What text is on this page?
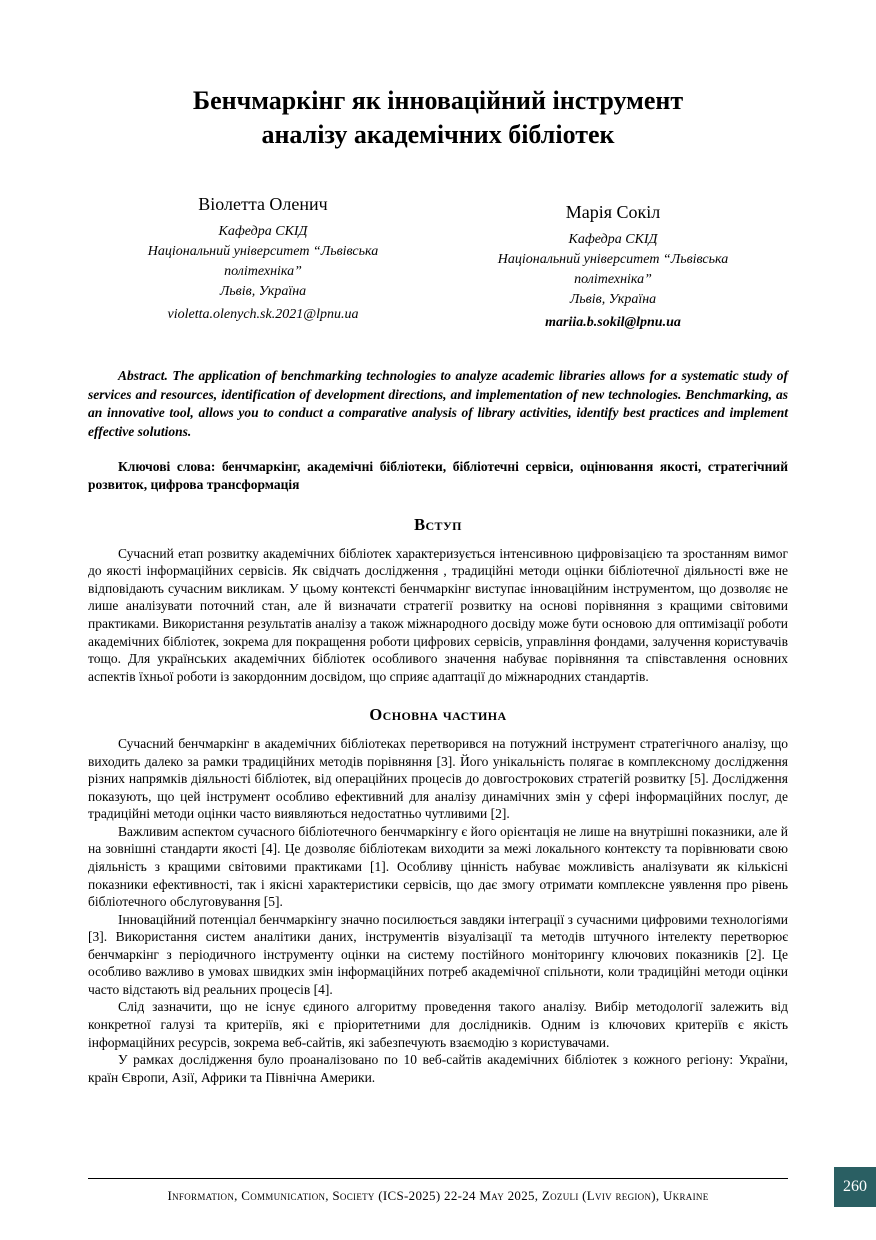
Бенчмаркінг як інноваційний інструмент
аналізу академічних бібліотек
Віолетта Оленич
Кафедра СКІД
Національний університет “Львівська політехніка”
Львів, Україна
violetta.olenych.sk.2021@lpnu.ua
Марія Сокіл
Кафедра СКІД
Національний університет “Львівська політехніка”
Львів, Україна
mariia.b.sokil@lpnu.ua

Abstract. The application of benchmarking technologies to analyze academic libraries allows for a systematic study of services and resources, identification of development directions, and implementation of new technologies. Benchmarking, as an innovative tool, allows you to conduct a comparative analysis of library activities, identify best practices and implement effective solutions.

Ключові слова: бенчмаркінг, академічні бібліотеки, бібліотечні сервіси, оцінювання якості, стратегічний розвиток, цифрова трансформація

Вступ

Сучасний етап розвитку академічних бібліотек характеризується інтенсивною цифровізацією та зростанням вимог до якості інформаційних сервісів. Як свідчать дослідження , традиційні методи оцінки бібліотечної діяльності вже не відповідають сучасним викликам. У цьому контексті бенчмаркінг виступає інноваційним інструментом, що дозволяє не лише аналізувати поточний стан, але й визначати стратегії розвитку на основі порівняння з кращими світовими практиками. Використання результатів аналізу а також міжнародного досвіду може бути основою для оптимізації роботи академічних бібліотек, зокрема для покращення роботи цифрових сервісів, управління фондами, залучення користувачів тощо. Для українських академічних бібліотек особливого значення набуває порівняння та співставлення основних аспектів їхньої роботи із закордонним досвідом, що сприяє адаптації до міжнародних стандартів.

Основна частина

Сучасний бенчмаркінг в академічних бібліотеках перетворився на потужний інструмент стратегічного аналізу, що виходить далеко за рамки традиційних методів порівняння [3]. Його унікальність полягає в комплексному дослідження різних напрямків діяльності бібліотек, від операційних процесів до довгострокових стратегій розвитку [5]. Дослідження показують, що цей інструмент особливо ефективний для аналізу динамічних змін у сфері інформаційних послуг, де традиційні методи оцінки часто виявляються недостатньо чутливими [2].

Важливим аспектом сучасного бібліотечного бенчмаркінгу є його орієнтація не лише на внутрішні показники, але й на зовнішні стандарти якості [4]. Це дозволяє бібліотекам виходити за межі локального контексту та порівнювати свою діяльність з кращими світовими практиками [1]. Особливу цінність набуває можливість аналізувати як кількісні показники ефективності, так і якісні характеристики сервісів, що дає змогу отримати комплексне уявлення про рівень бібліотечного обслуговування [5].

Інноваційний потенціал бенчмаркінгу значно посилюється завдяки інтеграції з сучасними цифровими технологіями [3]. Використання систем аналітики даних, інструментів візуалізації та методів штучного інтелекту перетворює бенчмаркінг з періодичного інструменту оцінки на систему постійного моніторингу ключових показників [2]. Це особливо важливо в умовах швидких змін інформаційних потреб академічної спільноти, коли традиційні методи оцінки часто відстають від реальних процесів [4].

Слід зазначити, що не існує єдиного алгоритму проведення такого аналізу. Вибір методології залежить від конкретної галузі та критеріїв, які є пріоритетними для дослідників. Одним із ключових критеріїв є якість інформаційних ресурсів, зокрема веб-сайтів, які забезпечують взаємодію з користувачами.

У рамках дослідження було проаналізовано по 10 веб-сайтів академічних бібліотек з кожного регіону: України, країн Європи, Азії, Африки та Північна Америки.

Information, Communication, Society (ICS-2025) 22-24 May 2025, Zozuli (Lviv region), Ukraine
260
